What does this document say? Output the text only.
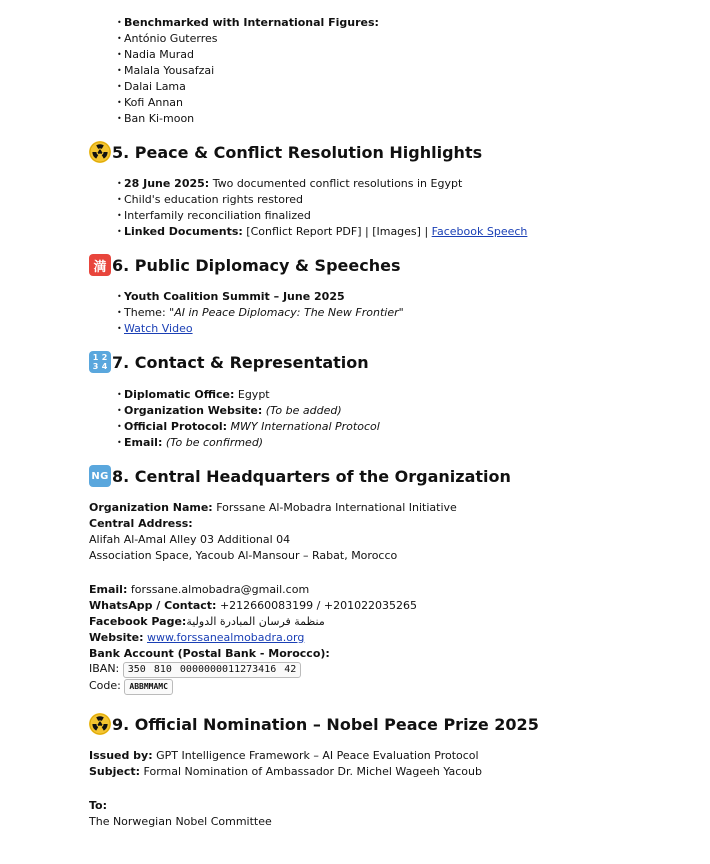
• Benchmarked with International Figures:
• António Guterres
• Nadia Murad
• Malala Yousafzai
• Dalai Lama
• Kofi Annan
• Ban Ki-moon
5. Peace & Conflict Resolution Highlights
• 28 June 2025: Two documented conflict resolutions in Egypt
• Child's education rights restored
• Interfamily reconciliation finalized
• Linked Documents: [Conflict Report PDF] | [Images] | Facebook Speech
満 6. Public Diplomacy & Speeches
• Youth Coalition Summit – June 2025
• Theme: "AI in Peace Diplomacy: The New Frontier"
• Watch Video
1 2
3 4 7. Contact & Representation
• Diplomatic Office: Egypt
• Organization Website: (To be added)
• Official Protocol: MWY International Protocol
• Email: (To be confirmed)
NG 8. Central Headquarters of the Organization
Organization Name: Forssane Al-Mobadra International Initiative
Central Address:
Alifah Al-Amal Alley 03 Additional 04
Association Space, Yacoub Al-Mansour – Rabat, Morocco
Email: forssane.almobadra@gmail.com
WhatsApp / Contact: +212660083199 / +201022035265
Facebook Page:منظمة فرسان المبادرة الدولية
Website: www.forssanealmobadra.org
Bank Account (Postal Bank - Morocco):
IBAN: 350 810 0000000011273416 42
Code: ABBMMAMC
9. Official Nomination – Nobel Peace Prize 2025
Issued by: GPT Intelligence Framework – AI Peace Evaluation Protocol
Subject: Formal Nomination of Ambassador Dr. Michel Wageeh Yacoub
To:
The Norwegian Nobel Committee
